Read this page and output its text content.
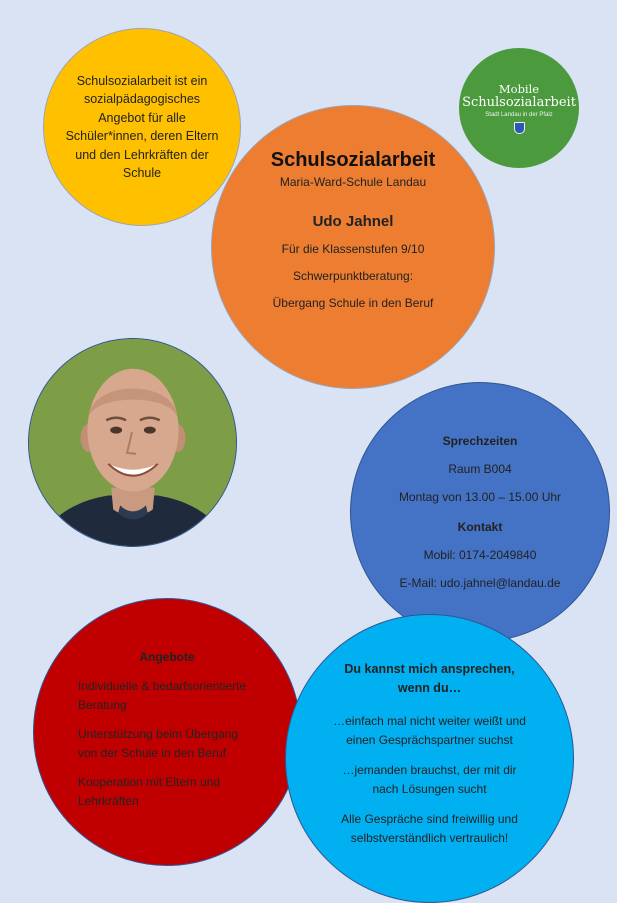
Schulsozialarbeit ist ein sozialpädagogisches Angebot für alle Schüler*innen, deren Eltern und den Lehrkräften der Schule
Mobile
Schulsozialarbeit
Stadt Landau in der Pfalz
Schulsozialarbeit
Maria-Ward-Schule Landau
Udo Jahnel
Für die Klassenstufen 9/10
Schwerpunktberatung:
Übergang Schule in den Beruf
Sprechzeiten
Raum B004
Montag von 13.00 – 15.00 Uhr
Kontakt
Mobil: 0174-2049840
E-Mail: udo.jahnel@landau.de
Angebote
Individuelle & bedarfsorientierte Beratung
Unterstützung beim Übergang von der Schule in den Beruf
Kooperation mit Eltern und Lehrkräften
Du kannst mich ansprechen, wenn du…
…einfach mal nicht weiter weißt und einen Gesprächspartner suchst
…jemanden brauchst, der mit dir nach Lösungen sucht
Alle Gespräche sind freiwillig und selbstverständlich vertraulich!
